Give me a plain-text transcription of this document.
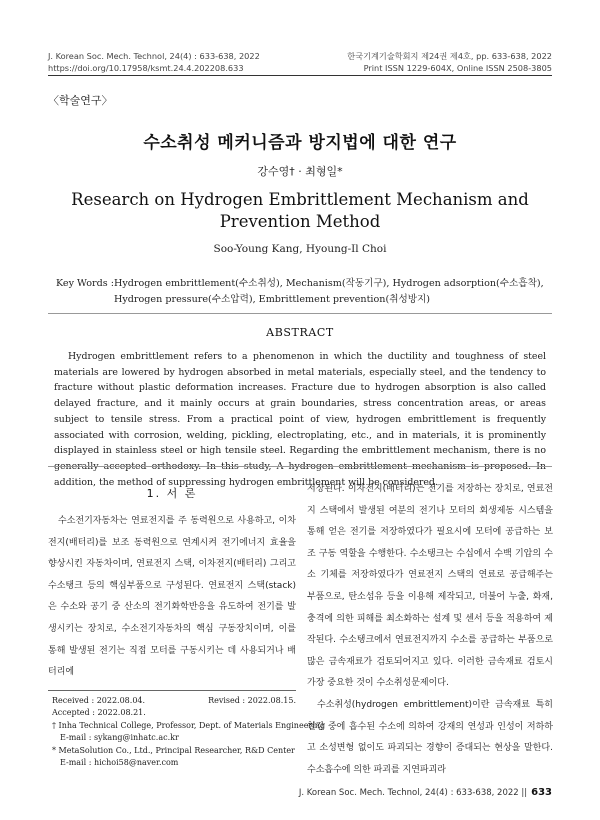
J. Korean Soc. Mech. Technol, 24(4) : 633-638, 2022
https://doi.org/10.17958/ksmt.24.4.202208.633
한국기계기술학회지 제24권 제4호, pp. 633-638, 2022
Print ISSN 1229-604X, Online ISSN 2508-3805
〈학술연구〉
수소취성 메커니즘과 방지법에 대한 연구
강수영† · 최형일*
Research on Hydrogen Embrittlement Mechanism and
Prevention Method
Soo-Young Kang, Hyoung-Il Choi
Key Words : Hydrogen embrittlement(수소취성), Mechanism(작동기구), Hydrogen adsorption(수소흡착), Hydrogen pressure(수소압력), Embrittlement prevention(취성방지)
ABSTRACT
Hydrogen embrittlement refers to a phenomenon in which the ductility and toughness of steel materials are lowered by hydrogen absorbed in metal materials, especially steel, and the tendency to fracture without plastic deformation increases. Fracture due to hydrogen absorption is also called delayed fracture, and it mainly occurs at grain boundaries, stress concentration areas, or areas subject to tensile stress. From a practical point of view, hydrogen embrittlement is frequently associated with corrosion, welding, pickling, electroplating, etc., and in materials, it is prominently displayed in stainless steel or high tensile steel. Regarding the embrittlement mechanism, there is no generally accepted orthodoxy. In this study, A hydrogen embrittlement mechanism is proposed. In addition, the method of suppressing hydrogen embrittlement will be considered.
1. 서 론
수소전기자동차는 연료전지를 주 동력원으로 사용하고, 이차전지(배터리)를 보조 동력원으로 연계시켜 전기에너지 효율을 향상시킨 자동차이며, 연료전지 스택, 이차전지(배터리) 그리고 수소탱크 등의 핵심부품으로 구성된다. 연료전지 스택(stack)은 수소와 공기 중 산소의 전기화학반응을 유도하여 전기를 발생시키는 장치로, 수소전기자동차의 핵심 구동장치이며, 이를 통해 발생된 전기는 직접 모터를 구동시키는 데 사용되거나 배터리에

저장된다. 이차전지(배터리)는 전기를 저장하는 장치로, 연료전지 스택에서 발생된 여분의 전기나 모터의 회생제동 시스템을 통해 얻은 전기를 저장하였다가 필요시에 모터에 공급하는 보조 구동 역할을 수행한다. 수소탱크는 수십에서 수백 기압의 수소 기체를 저장하였다가 연료전지 스택의 연료로 공급해주는 부품으로, 탄소섬유 등을 이용해 제작되고, 더불어 누출, 화재, 충격에 의한 피해를 최소화하는 설계 및 센서 등을 적용하여 제작된다. 수소탱크에서 연료전지까지 수소를 공급하는 부품으로 많은 금속재료가 검토되어지고 있다. 이러한 금속재료 검토시 가장 중요한 것이 수소취성문제이다.

수소취성(hydrogen embrittlement)이란 금속재료 특히 철강 중에 흡수된 수소에 의하여 강재의 연성과 인성이 저하하고 소성변형 없이도 파괴되는 경향이 증대되는 현상을 말한다. 수소흡수에 의한 파괴를 지연파괴라

Received : 2022.08.04.	Revised : 2022.08.15.
Accepted : 2022.08.21.
† Inha Technical College, Professor, Dept. of Materials Engineering
E-mail : sykang@inhatc.ac.kr
* MetaSolution Co., Ltd., Principal Researcher, R&D Center
E-mail : hichoi58@naver.com
J. Korean Soc. Mech. Technol, 24(4) : 633-638, 2022 || 633
